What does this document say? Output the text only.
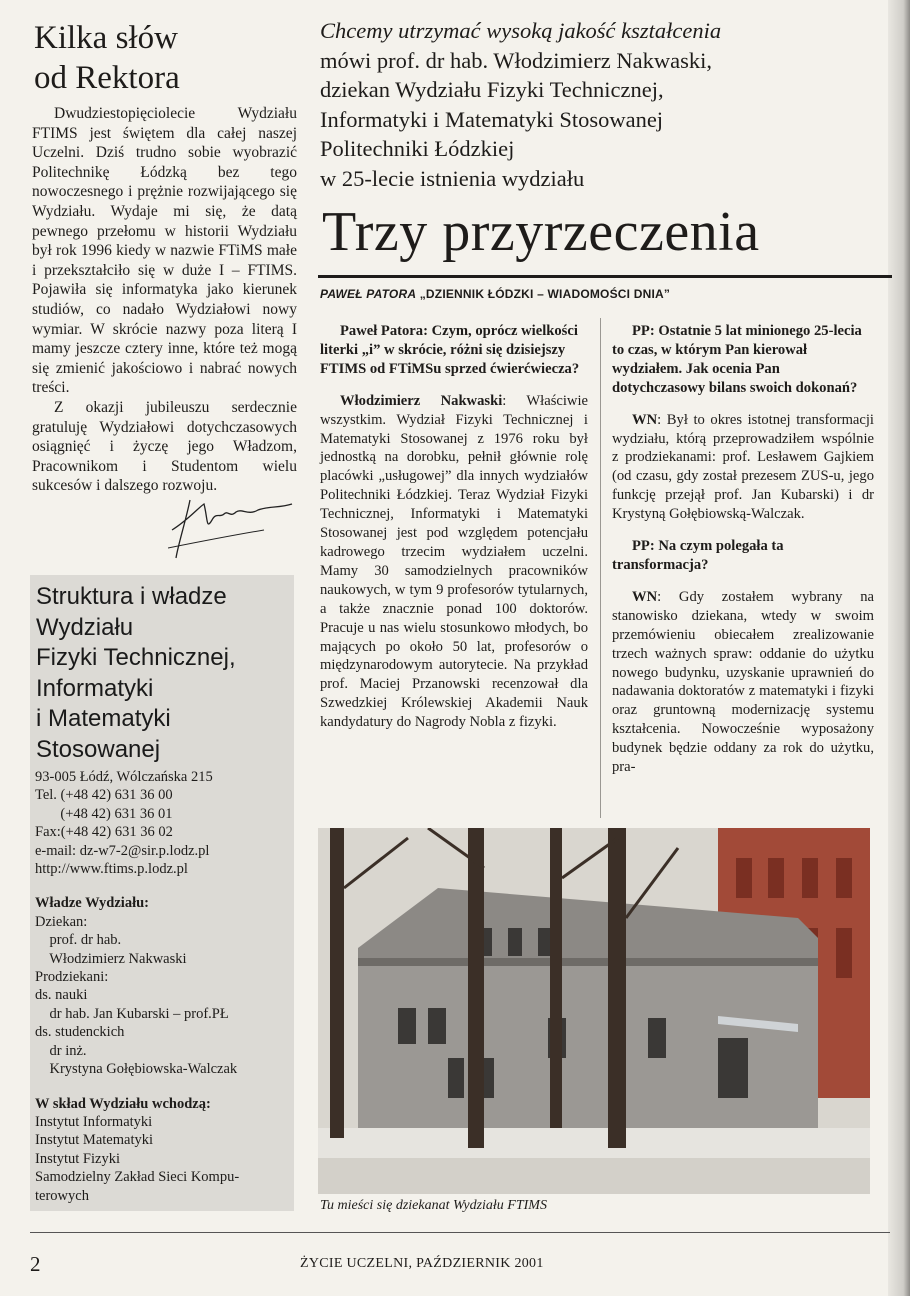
Kilka słów
od Rektora

Dwudziestopięciolecie Wydziału FTIMS jest świętem dla całej naszej Uczelni. Dziś trudno sobie wyobrazić Politechnikę Łódzką bez tego nowoczesnego i prężnie rozwijającego się Wydziału. Wydaje mi się, że datą pewnego przełomu w historii Wydziału był rok 1996 kiedy w nazwie FTiMS małe i przekształciło się w duże I – FTIMS. Pojawiła się informatyka jako kierunek studiów, co nadało Wydziałowi nowy wymiar. W skrócie nazwy poza literą I mamy jeszcze cztery inne, które też mogą się zmienić jakościowo i nabrać nowych treści.

Z okazji jubileuszu serdecznie gratuluję Wydziałowi dotychczasowych osiągnięć i życzę jego Władzom, Pracownikom i Studentom wielu sukcesów i dalszego rozwoju.

Struktura i władze
Wydziału
Fizyki Technicznej,
Informatyki
i Matematyki
Stosowanej
93-005 Łódź, Wólczańska 215
Tel. (+48 42) 631 36 00
(+48 42) 631 36 01
Fax:(+48 42) 631 36 02
e-mail: dz-w7-2@sir.p.lodz.pl
http://www.ftims.p.lodz.pl
Władze Wydziału:
Dziekan:
prof. dr hab.
Włodzimierz Nakwaski
Prodziekani:
ds. nauki
dr hab. Jan Kubarski – prof.PŁ
ds. studenckich
dr inż.
Krystyna Gołębiowska-Walczak
W skład Wydziału wchodzą:
Instytut Informatyki
Instytut Matematyki
Instytut Fizyki
Samodzielny Zakład Sieci Kompu-
terowych
Chcemy utrzymać wysoką jakość kształcenia
mówi prof. dr hab. Włodzimierz Nakwaski,
dziekan Wydziału Fizyki Technicznej,
Informatyki i Matematyki Stosowanej
Politechniki Łódzkiej
w 25-lecie istnienia wydziału
Trzy przyrzeczenia
PAWEŁ PATORA „DZIENNIK ŁÓDZKI – WIADOMOŚCI DNIA”

Paweł Patora: Czym, oprócz wielkości literki „i” w skrócie, różni się dzisiejszy FTIMS od FTiMSu sprzed ćwierćwiecza?

Włodzimierz Nakwaski: Właściwie wszystkim. Wydział Fizyki Technicznej i Matematyki Stosowanej z 1976 roku był jednostką na dorobku, pełnił głównie rolę placówki „usługowej” dla innych wydziałów Politechniki Łódzkiej. Teraz Wydział Fizyki Technicznej, Informatyki i Matematyki Stosowanej jest pod względem potencjału kadrowego trzecim wydziałem uczelni. Mamy 30 samodzielnych pracowników naukowych, w tym 9 profesorów tytularnych, a także znacznie ponad 100 doktorów. Pracuje u nas wielu stosunkowo młodych, bo mających po około 50 lat, profesorów o międzynarodowym autorytecie. Na przykład prof. Maciej Przanowski recenzował dla Szwedzkiej Królewskiej Akademii Nauk kandydatury do Nagrody Nobla z fizyki.

PP: Ostatnie 5 lat minionego 25-lecia to czas, w którym Pan kierował wydziałem. Jak ocenia Pan dotychczasowy bilans swoich dokonań?

WN: Był to okres istotnej transformacji wydziału, którą przeprowadziłem wspólnie z prodziekanami: prof. Lesławem Gajkiem (od czasu, gdy został prezesem ZUS-u, jego funkcję przejął prof. Jan Kubarski) i dr Krystyną Gołębiowską-Walczak.

PP: Na czym polegała ta transformacja?

WN: Gdy zostałem wybrany na stanowisko dziekana, wtedy w swoim przemówieniu obiecałem zrealizowanie trzech ważnych spraw: oddanie do użytku nowego budynku, uzyskanie uprawnień do nadawania doktoratów z matematyki i fizyki oraz gruntowną modernizację systemu kształcenia. Nowocześnie wyposażony budynek będzie oddany za rok do użytku, pra-

Tu mieści się dziekanat Wydziału FTIMS
2	ŻYCIE UCZELNI, PAŹDZIERNIK 2001
